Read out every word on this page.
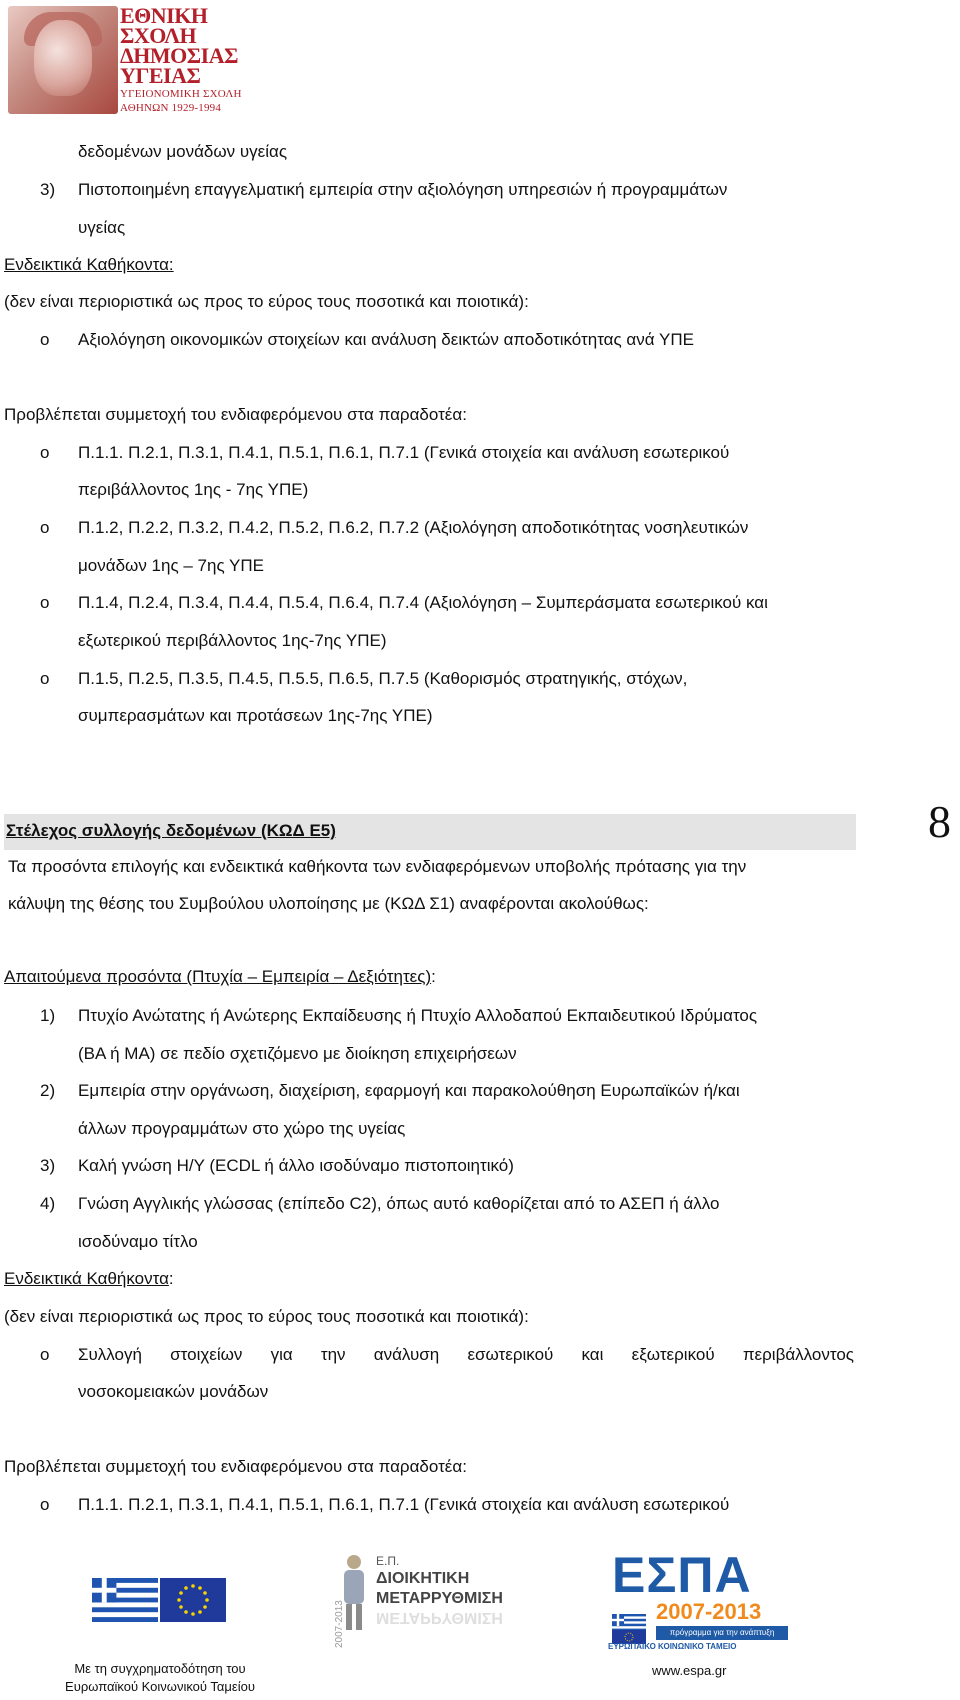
ΕΘΝΙΚΗ
ΣΧΟΛΗ
ΔΗΜΟΣΙΑΣ
ΥΓΕΙΑΣ
ΥΓΕΙΟΝΟΜΙΚΗ ΣΧΟΛΗ
ΑΘΗΝΩΝ 1929-1994
δεδομένων μονάδων υγείας
3) Πιστοποιημένη επαγγελματική εμπειρία στην αξιολόγηση υπηρεσιών ή προγραμμάτων
υγείας
Ενδεικτικά Καθήκοντα:
(δεν είναι περιοριστικά ως προς το εύρος τους ποσοτικά και ποιοτικά):
o Αξιολόγηση οικονομικών στοιχείων και ανάλυση δεικτών αποδοτικότητας ανά ΥΠΕ
Προβλέπεται συμμετοχή του ενδιαφερόμενου στα παραδοτέα:
o Π.1.1. Π.2.1, Π.3.1, Π.4.1, Π.5.1, Π.6.1, Π.7.1 (Γενικά στοιχεία και ανάλυση εσωτερικού
περιβάλλοντος 1ης - 7ης ΥΠΕ)
o Π.1.2, Π.2.2, Π.3.2, Π.4.2, Π.5.2, Π.6.2, Π.7.2 (Αξιολόγηση αποδοτικότητας νοσηλευτικών
μονάδων 1ης – 7ης ΥΠΕ
o Π.1.4, Π.2.4, Π.3.4, Π.4.4, Π.5.4, Π.6.4, Π.7.4 (Αξιολόγηση – Συμπεράσματα εσωτερικού και
εξωτερικού περιβάλλοντος 1ης-7ης ΥΠΕ)
o Π.1.5, Π.2.5, Π.3.5, Π.4.5, Π.5.5, Π.6.5, Π.7.5 (Καθορισμός στρατηγικής, στόχων,
συμπερασμάτων και προτάσεων 1ης-7ης ΥΠΕ)
Στέλεχος συλλογής δεδομένων (ΚΩΔ Ε5)	8
Τα προσόντα επιλογής και ενδεικτικά καθήκοντα των ενδιαφερόμενων υποβολής πρότασης για την
κάλυψη της θέσης του Συμβούλου υλοποίησης με (ΚΩΔ Σ1) αναφέρονται ακολούθως:
Απαιτούμενα προσόντα (Πτυχία – Εμπειρία – Δεξιότητες):
1) Πτυχίο Ανώτατης ή Ανώτερης Εκπαίδευσης ή Πτυχίο Αλλοδαπού Εκπαιδευτικού Ιδρύματος
(BA ή MA) σε πεδίο σχετιζόμενο με διοίκηση επιχειρήσεων
2) Εμπειρία στην οργάνωση, διαχείριση, εφαρμογή και παρακολούθηση Ευρωπαϊκών ή/και
άλλων προγραμμάτων στο χώρο της υγείας
3) Καλή γνώση Η/Υ (ECDL ή άλλο ισοδύναμο πιστοποιητικό)
4) Γνώση Αγγλικής γλώσσας (επίπεδο C2), όπως αυτό καθορίζεται από το ΑΣΕΠ ή άλλο
ισοδύναμο τίτλο
Ενδεικτικά Καθήκοντα:
(δεν είναι περιοριστικά ως προς το εύρος τους ποσοτικά και ποιοτικά):
o Συλλογή στοιχείων για την ανάλυση εσωτερικού και εξωτερικού περιβάλλοντος
νοσοκομειακών μονάδων
Προβλέπεται συμμετοχή του ενδιαφερόμενου στα παραδοτέα:
o Π.1.1. Π.2.1, Π.3.1, Π.4.1, Π.5.1, Π.6.1, Π.7.1 (Γενικά στοιχεία και ανάλυση εσωτερικού
2007-2013
Ε.Π.
ΔΙΟΙΚΗΤΙΚΗ
ΜΕΤΑΡΡΥΘΜΙΣΗ
ΜΕΤΑΡΡΥΘΜΙΣΗ
ΕΣΠΑ
2007-2013
πρόγραμμα για την ανάπτυξη
ΕΥΡΩΠΑΪΚΟ ΚΟΙΝΩΝΙΚΟ ΤΑΜΕΙΟ
Με τη συγχρηματοδότηση του
Ευρωπαϊκού Κοινωνικού Ταμείου
www.espa.gr
